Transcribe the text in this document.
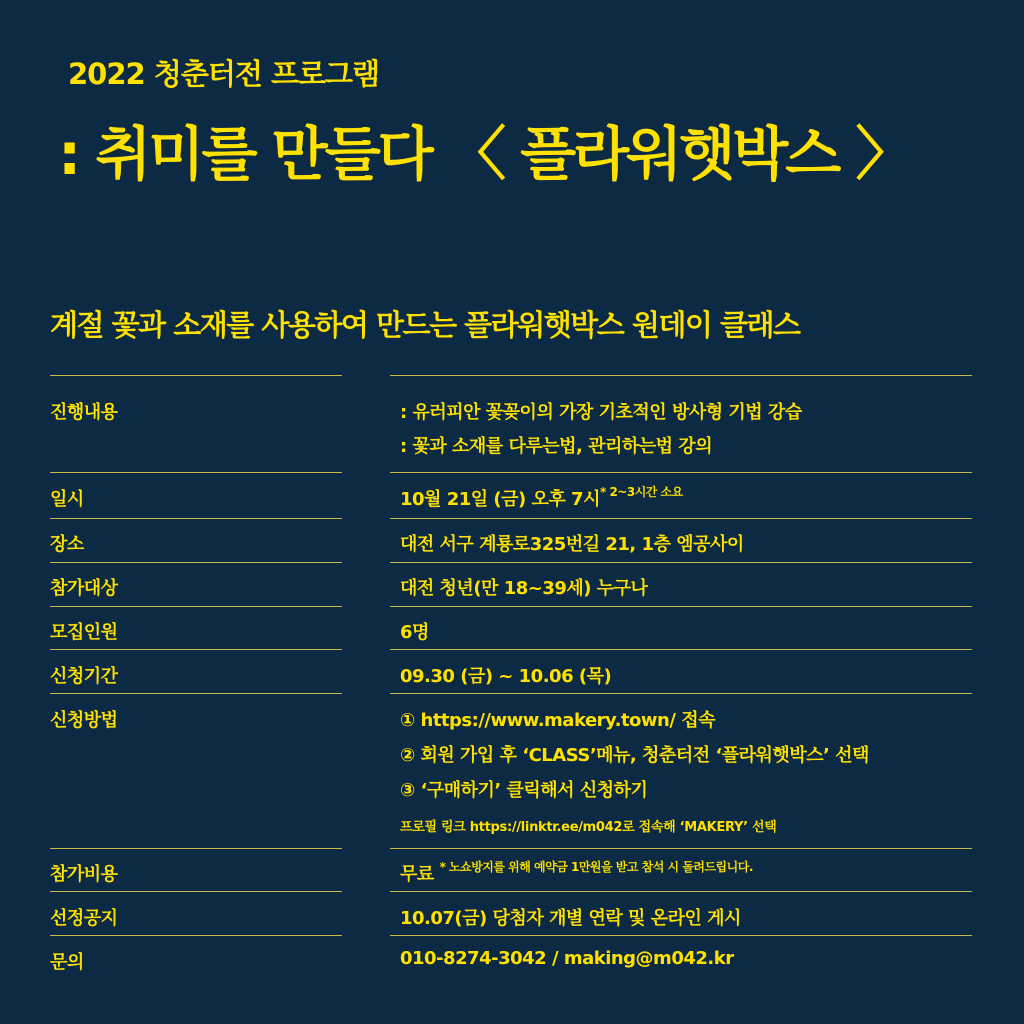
2022 청춘터전 프로그램
: 취미를 만들다 〈 플라워햇박스 〉
계절 꽃과 소재를 사용하여 만드는 플라워햇박스 원데이 클래스
진행내용	: 유러피안 꽃꽂이의 가장 기초적인 방사형 기법 강습
: 꽃과 소재를 다루는법, 관리하는법 강의
일시	10월 21일 (금) 오후 7시$^{* 2\sim 3시간 소요}$
장소	대전 서구 계룡로325번길 21, 1층 엠공사이
참가대상	대전 청년(만 18~39세) 누구나
모집인원	6명
신청기간	09.30 (금) ~ 10.06 (목)
신청방법	① https://www.makery.town/ 접속
② 회원 가입 후 ‘CLASS’메뉴, 청춘터전 ‘플라워햇박스’ 선택
③ ‘구매하기’ 클릭해서 신청하기
프로필 링크 https://linktr.ee/m042로 접속해 ‘MAKERY’ 선택
참가비용	무료 $^{* 노쇼방지를 위해 예약금 1만원을 받고 참석 시 돌려드립니다.}$
선정공지	10.07(금) 당첨자 개별 연락 및 온라인 게시
문의	010-8274-3042 / making@m042.kr
